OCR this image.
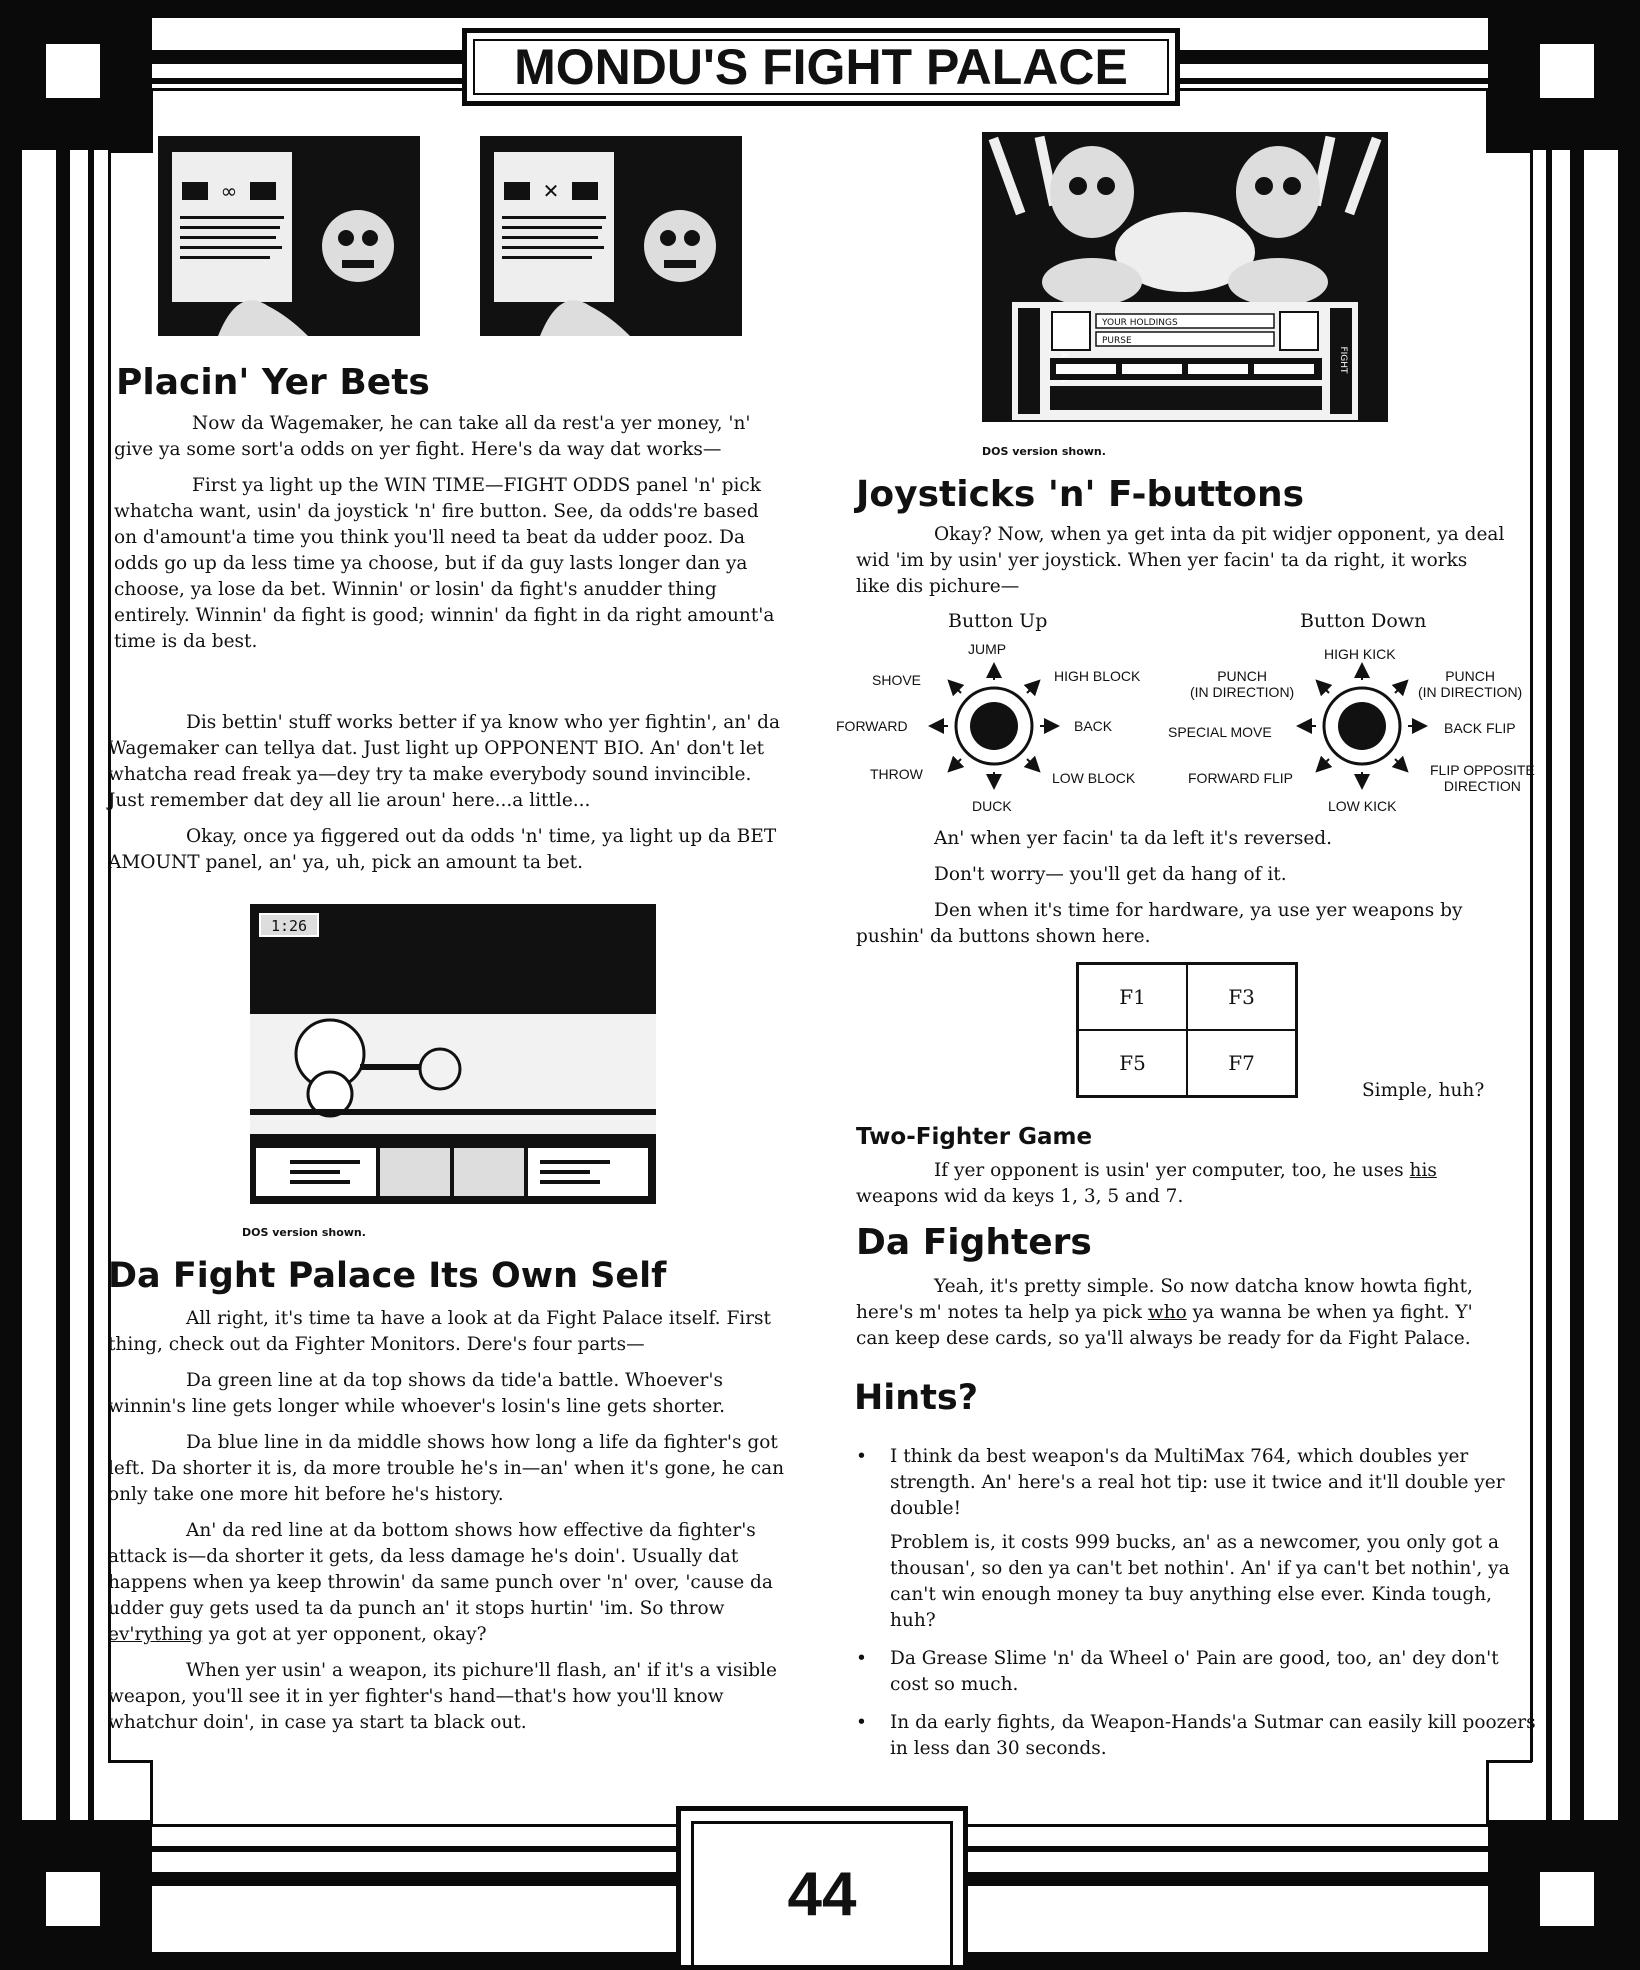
MONDU'S FIGHT PALACE
44
∞	✕
Placin' Yer Bets

Now da Wagemaker, he can take all da rest'a yer money, 'n' give ya some sort'a odds on yer fight. Here's da way dat works—

First ya light up the WIN TIME—FIGHT ODDS panel 'n' pick whatcha want, usin' da joystick 'n' fire button. See, da odds're based on d'amount'a time you think you'll need ta beat da udder pooz. Da odds go up da less time ya choose, but if da guy lasts longer dan ya choose, ya lose da bet. Winnin' or losin' da fight's anudder thing entirely. Winnin' da fight is good; winnin' da fight in da right amount'a time is da best.

Dis bettin' stuff works better if ya know who yer fightin', an' da Wagemaker can tellya dat. Just light up OPPONENT BIO. An' don't let whatcha read freak ya—dey try ta make everybody sound invincible. Just remember dat dey all lie aroun' here...a little...

Okay, once ya figgered out da odds 'n' time, ya light up da BET AMOUNT panel, an' ya, uh, pick an amount ta bet.

1:26
DOS version shown.
Da Fight Palace Its Own Self

All right, it's time ta have a look at da Fight Palace itself. First thing, check out da Fighter Monitors. Dere's four parts—

Da green line at da top shows da tide'a battle. Whoever's winnin's line gets longer while whoever's losin's line gets shorter.

Da blue line in da middle shows how long a life da fighter's got left. Da shorter it is, da more trouble he's in—an' when it's gone, he can only take one more hit before he's history.

An' da red line at da bottom shows how effective da fighter's attack is—da shorter it gets, da less damage he's doin'. Usually dat happens when ya keep throwin' da same punch over 'n' over, 'cause da udder guy gets used ta da punch an' it stops hurtin' 'im. So throw ev'rything ya got at yer opponent, okay?

When yer usin' a weapon, its pichure'll flash, an' if it's a visible weapon, you'll see it in yer fighter's hand—that's how you'll know whatchur doin', in case ya start ta black out.

FIGHT
YOUR HOLDINGS
PURSE
DOS version shown.
Joysticks 'n' F-buttons

Okay? Now, when ya get inta da pit widjer opponent, ya deal wid 'im by usin' yer joystick. When yer facin' ta da right, it works like dis pichure—

Button Up	Button Down
JUMP
HIGH BLOCK
BACK
LOW BLOCK
DUCK
THROW
FORWARD
SHOVE
HIGH KICK
PUNCH
(IN DIRECTION)
BACK FLIP
FLIP OPPOSITE
DIRECTION
LOW KICK
FORWARD FLIP
SPECIAL MOVE
PUNCH
(IN DIRECTION)

An' when yer facin' ta da left it's reversed.

Don't worry— you'll get da hang of it.

Den when it's time for hardware, ya use yer weapons by pushin' da buttons shown here.

F1	F3
F5	F7
Simple, huh?
Two-Fighter Game

If yer opponent is usin' yer computer, too, he uses his weapons wid da keys 1, 3, 5 and 7.

Da Fighters

Yeah, it's pretty simple. So now datcha know howta fight, here's m' notes ta help ya pick who ya wanna be when ya fight. Y' can keep dese cards, so ya'll always be ready for da Fight Palace.

Hints?

• I think da best weapon's da MultiMax 764, which doubles yer strength. An' here's a real hot tip: use it twice and it'll double yer double!

Problem is, it costs 999 bucks, an' as a newcomer, you only got a thousan', so den ya can't bet nothin'. An' if ya can't bet nothin', ya can't win enough money ta buy anything else ever. Kinda tough, huh?

• Da Grease Slime 'n' da Wheel o' Pain are good, too, an' dey don't cost so much.

• In da early fights, da Weapon-Hands'a Sutmar can easily kill poozers in less dan 30 seconds.
